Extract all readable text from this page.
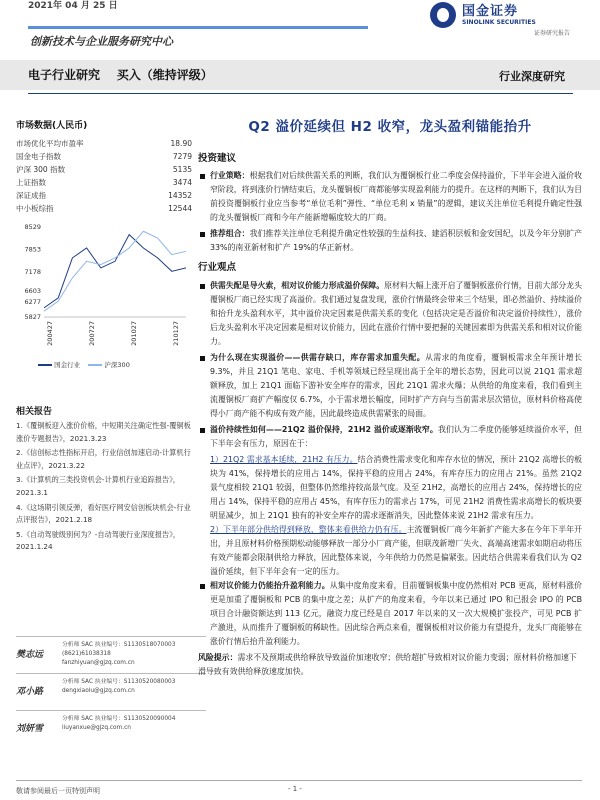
2021年 04 月 25 日	国金证券
SINOLINK SECURITIES
证券研究报告
创新技术与企业服务研究中心
电子行业研究    买入（维持评级）	行业深度研究
市场数据(人民币)
市场优化平均市盈率	18.90
国金电子指数	7279
沪深 300 指数	5135
上证指数	3474
深证成指	14352
中小板综指	12544
8529
7853
7178
6603
6277
5827
200427	200727	201027	210127
国金行业	沪深300
相关报告

1.《覆铜板迎入涨价价格，中短期关注确定性强-覆铜板涨价专题报告》，2021.3.23

2.《信创标志性指标开启，行业信创加速启动-计算机行业点评》，2021.3.22

3.《计算机的三类投资机会-计算机行业追踪报告》，2021.3.1

4.《这场期引领反弹，看好医疗网安信创板块机会-行业点评报告》，2021.2.18

5.《自动驾驶级别何为？-自动驾驶行业深度报告》，2021.1.24

樊志远
分析师 SAC 执业编号：S1130518070003
(8621)61038318
fanzhiyuan@gjzq.com.cn
邓小路
分析师 SAC 执业编号：S1130520080003
dengxiaolu@gjzq.com.cn
刘妍雪
分析师 SAC 执业编号：S1130520090004
liuyanxue@gjzq.com.cn
Q2 溢价延续但 H2 收窄，龙头盈利锚能抬升
投资建议
行业策略：根据我们对后续供需关系的判断，我们认为覆铜板行业二季度会保持溢价，下半年会进入溢价收窄阶段，将到涨价行情结束后，龙头覆铜板厂商都能够实现盈利能力的提升。在这样的判断下，我们认为目前投资覆铜板行业应当参考“单位毛利”弹性、“单位毛利 x 销量”的逻辑，建议关注单位毛利提升确定性强的龙头覆铜板厂商和今年产能新增幅度较大的厂商。
推荐组合：我们推荐关注单位毛利提升确定性较强的生益科技、建滔积层板和金安国纪，以及今年分别扩产 33%的南亚新材和扩产 19%的华正新材。
行业观点
供需失配是导火索，相对议价能力形成溢价保障。原材料大幅上涨开启了覆铜板涨价行情，目前大部分龙头覆铜板厂商已经实现了高溢价。我们通过复盘发现，涨价行情最终会带来三个结果，即必然溢价、持续溢价和抬升龙头盈利水平，其中溢价决定因素是供需关系的变化（包括决定是否溢价和决定溢价持续性），涨价后龙头盈利水平决定因素是相对议价能力，因此在涨价行情中要把握的关键因素即为供需关系和相对议价能力。
为什么现在实现溢价——供需存缺口，库存需求加重失配。从需求的角度看，覆铜板需求全年预计增长 9.3%，并且 21Q1 笔电、家电、手机等领域已经呈现出高于全年的增长态势，因此可以说 21Q1 需求超额释放，加上 21Q1 面临下游补安全库存的需求，因此 21Q1 需求火爆；从供给的角度来看，我们看到主流覆铜板厂商扩产幅度仅 6.7%，小于需求增长幅度，同时扩产方向与当前需求层次错位，原材料价格高使得小厂商产能不构成有效产能，因此最终造成供需紧张的局面。
溢价持续性如何——21Q2 溢价保持，21H2 溢价或逐渐收窄。我们认为二季度仍能够延续溢价水平，但下半年会有压力，原因在于：
1）21Q2 需求基本延续，21H2 有压力。结合消费性需求变化和库存水位的情况，预计 21Q2 高增长的板块为 41%，保持增长的应用占 14%，保持平稳的应用占 24%，有库存压力的应用占 21%。虽然 21Q2 景气度相较 21Q1 较弱，但整体仍然维持较高景气度。及至 21H2，高增长的应用占 24%，保持增长的应用占 14%，保持平稳的应用占 45%，有库存压力的需求占 17%，可见 21H2 消费性需求高增长的板块要明显减少，加上 21Q1 独有的补安全库存的需求逐渐消失，因此整体来说 21H2 需求有压力。
2）下半年部分供给得到释放，整体来看供给力仍有压。主流覆铜板厂商今年新扩产能大多在今年下半年开出，并且原材料价格预期松动能够释放一部分小厂商产能，但联茂新增厂失火、高端高速需求如期启动将压有效产能都会限制供给力释放，因此整体来说，今年供给力仍然是偏紧张。因此结合供需来看我们认为 Q2 溢价延续，但下半年会有一定的压力。
相对议价能力仍能抬升盈利能力。从集中度角度来看，目前覆铜板集中度仍然相对 PCB 更高，原材料涨价更是加重了覆铜板和 PCB 的集中度之差；从扩产的角度来看，今年以来已通过 IPO 和已报会 IPO 的 PCB 项目合计融资额达到 113 亿元，融资力度已经是自 2017 年以来的又一次大规模扩张投产，可见 PCB 扩产激进，从而推升了覆铜板的稀缺性。因此综合两点来看，覆铜板相对议价能力有望提升，龙头厂商能够在涨价行情后抬升盈利能力。
风险提示：需求不及预期或供给释放导致溢价加速收窄；供给超扩导致相对议价能力变弱；原材料价格加速下滑导致有效供给释放速度加快。
敬请参阅最后一页特别声明	- 1 -
